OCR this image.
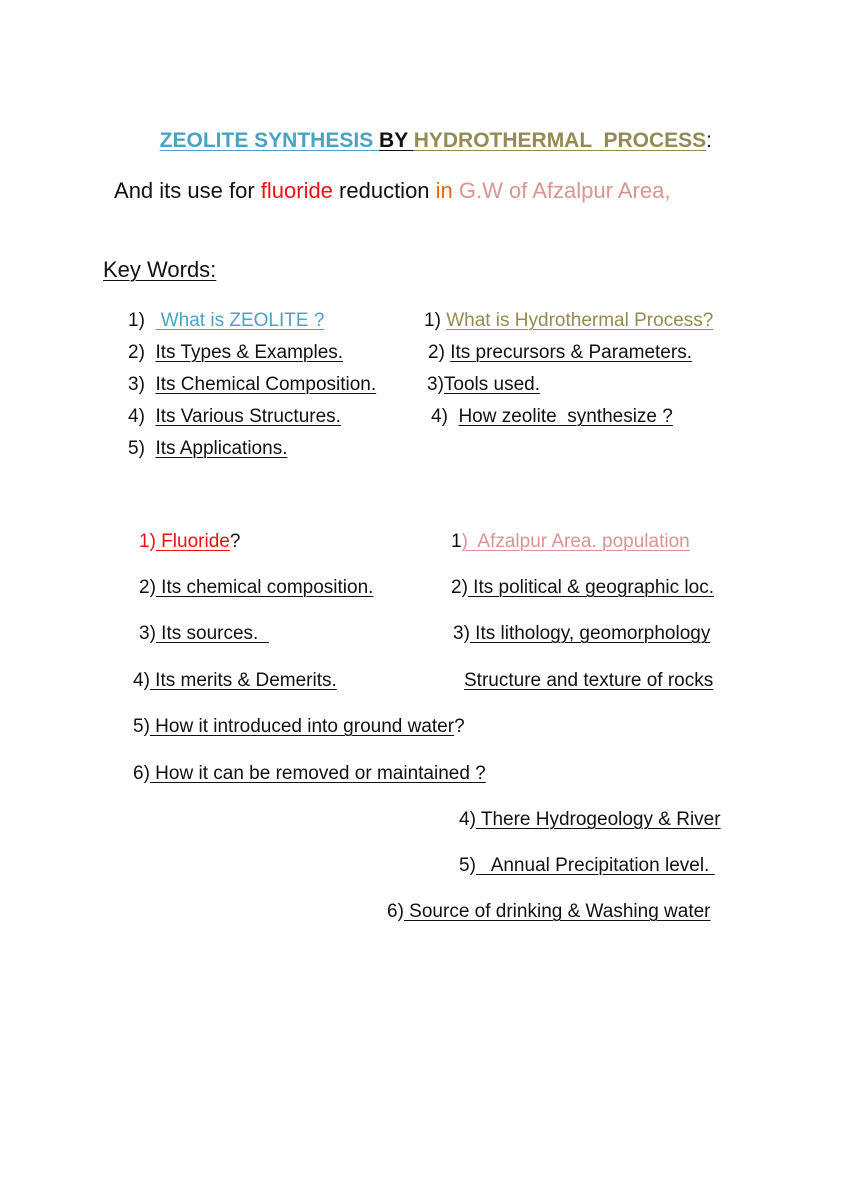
ZEOLITE SYNTHESIS BY HYDROTHERMAL  PROCESS:

And its use for fluoride reduction in G.W of Afzalpur Area,

Key Words:
1)   What is ZEOLITE ?
2)  Its Types & Examples.
3)  Its Chemical Composition.
4)  Its Various Structures.
5)  Its Applications.
1) What is Hydrothermal Process?
2) Its precursors & Parameters.
3)Tools used.
4)  How zeolite  synthesize ?
1) Fluoride?
2) Its chemical composition.
3) Its sources.
4) Its merits & Demerits.
5) How it introduced into ground water?
6) How it can be removed or maintained ?
1)  Afzalpur Area. population
2) Its political & geographic loc.
3) Its lithology, geomorphology
Structure and texture of rocks
4) There Hydrogeology & River
5)   Annual Precipitation level.
6) Source of drinking & Washing water
